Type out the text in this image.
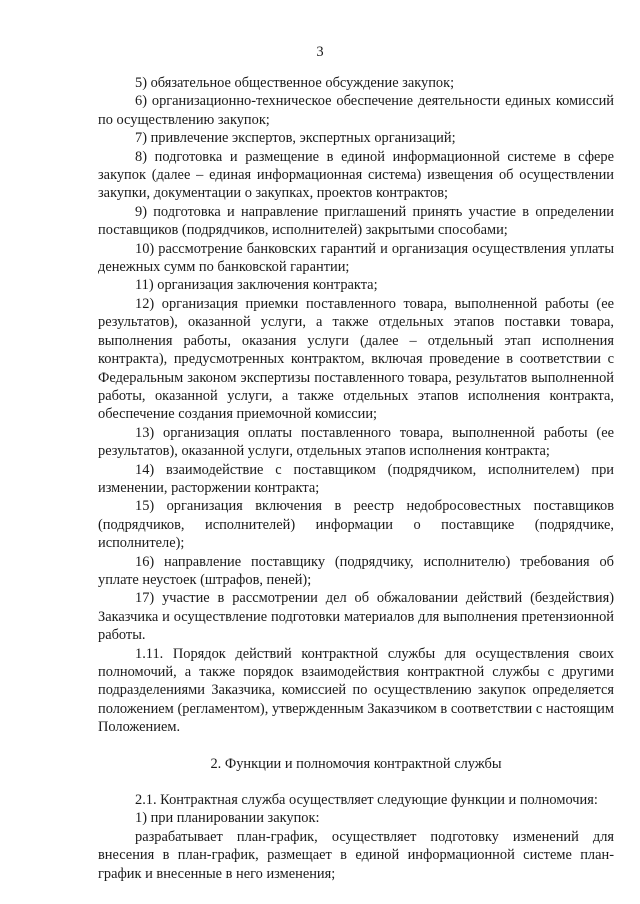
3

5) обязательное общественное обсуждение закупок;

6) организационно-техническое обеспечение деятельности единых комиссий по осуществлению закупок;

7) привлечение экспертов, экспертных организаций;

8) подготовка и размещение в единой информационной системе в сфере закупок (далее – единая информационная система) извещения об осуществлении закупки, документации о закупках, проектов контрактов;

9) подготовка и направление приглашений принять участие в определении поставщиков (подрядчиков, исполнителей) закрытыми способами;

10) рассмотрение банковских гарантий и организация осуществления уплаты денежных сумм по банковской гарантии;

11) организация заключения контракта;

12) организация приемки поставленного товара, выполненной работы (ее результатов), оказанной услуги, а также отдельных этапов поставки товара, выполнения работы, оказания услуги (далее – отдельный этап исполнения контракта), предусмотренных контрактом, включая проведение в соответствии с Федеральным законом экспертизы поставленного товара, результатов выполненной работы, оказанной услуги, а также отдельных этапов исполнения контракта, обеспечение создания приемочной комиссии;

13) организация оплаты поставленного товара, выполненной работы (ее результатов), оказанной услуги, отдельных этапов исполнения контракта;

14) взаимодействие с поставщиком (подрядчиком, исполнителем) при изменении, расторжении контракта;

15) организация включения в реестр недобросовестных поставщиков (подрядчиков, исполнителей) информации о поставщике (подрядчике, исполнителе);

16) направление поставщику (подрядчику, исполнителю) требования об уплате неустоек (штрафов, пеней);

17) участие в рассмотрении дел об обжаловании действий (бездействия) Заказчика и осуществление подготовки материалов для выполнения претензионной работы.

1.11. Порядок действий контрактной службы для осуществления своих полномочий, а также порядок взаимодействия контрактной службы с другими подразделениями Заказчика, комиссией по осуществлению закупок определяется положением (регламентом), утвержденным Заказчиком в соответствии с настоящим Положением.

2. Функции и полномочия контрактной службы

2.1. Контрактная служба осуществляет следующие функции и полномочия:

1) при планировании закупок:

разрабатывает план-график, осуществляет подготовку изменений для внесения в план-график, размещает в единой информационной системе план-график и внесенные в него изменения;
